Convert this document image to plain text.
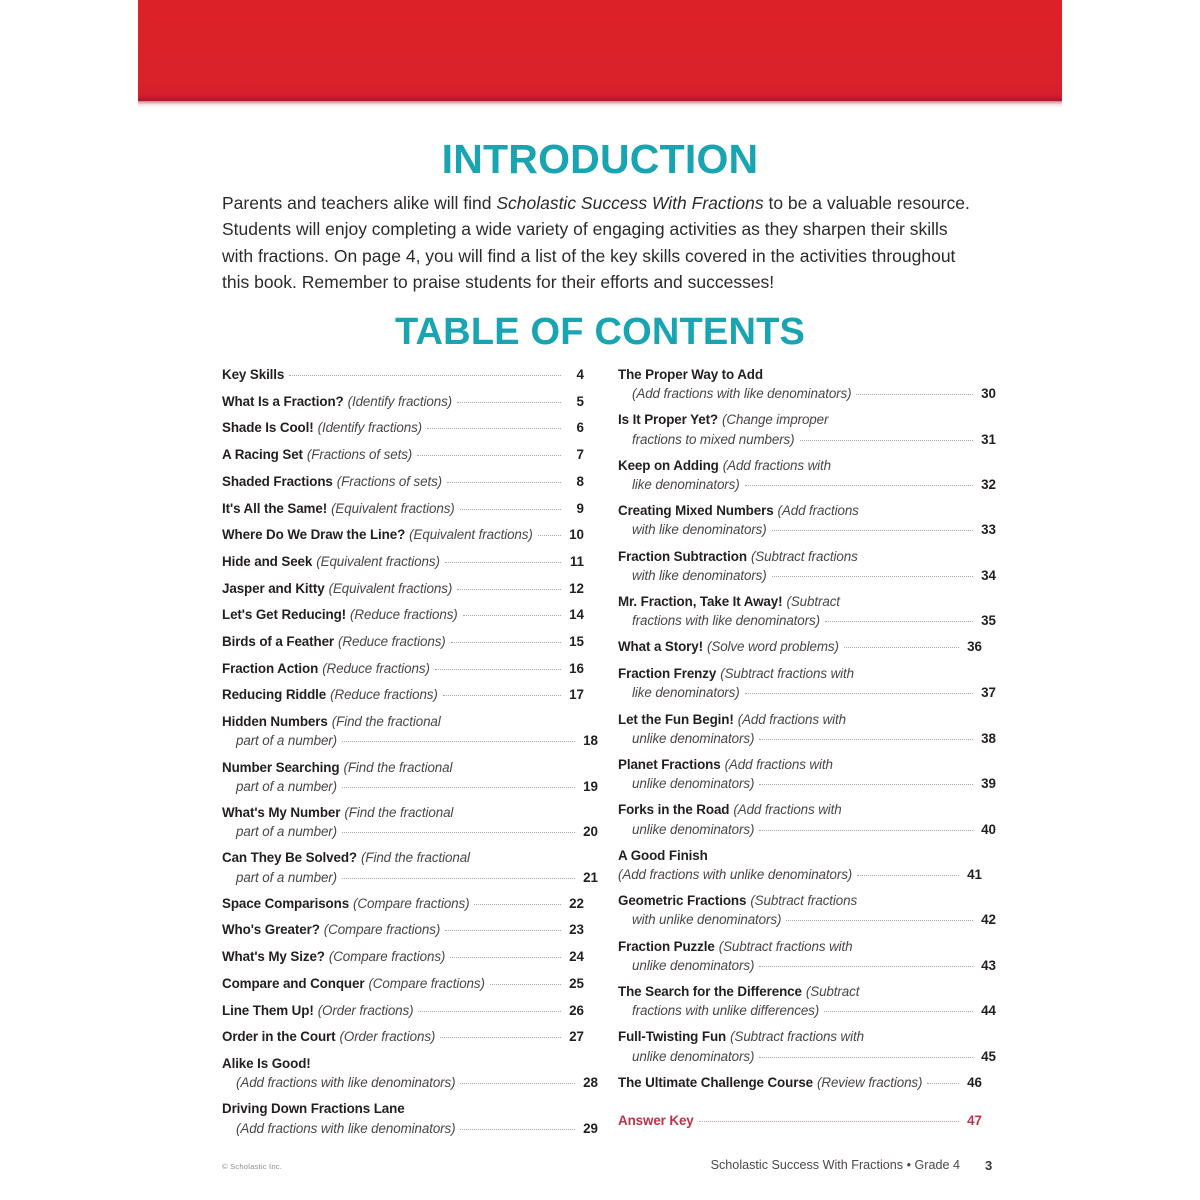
INTRODUCTION
Parents and teachers alike will find Scholastic Success With Fractions to be a valuable resource. Students will enjoy completing a wide variety of engaging activities as they sharpen their skills with fractions. On page 4, you will find a list of the key skills covered in the activities throughout this book. Remember to praise students for their efforts and successes!
TABLE OF CONTENTS
Key Skills	4
What Is a Fraction? (Identify fractions)	5
Shade Is Cool! (Identify fractions)	6
A Racing Set (Fractions of sets)	7
Shaded Fractions (Fractions of sets)	8
It's All the Same! (Equivalent fractions)	9
Where Do We Draw the Line? (Equivalent fractions)	10
Hide and Seek (Equivalent fractions)	11
Jasper and Kitty (Equivalent fractions)	12
Let's Get Reducing! (Reduce fractions)	14
Birds of a Feather (Reduce fractions)	15
Fraction Action (Reduce fractions)	16
Reducing Riddle (Reduce fractions)	17
Hidden Numbers (Find the fractional
part of a number)	18
Number Searching (Find the fractional
part of a number)	19
What's My Number (Find the fractional
part of a number)	20
Can They Be Solved? (Find the fractional
part of a number)	21
Space Comparisons (Compare fractions)	22
Who's Greater? (Compare fractions)	23
What's My Size? (Compare fractions)	24
Compare and Conquer (Compare fractions)	25
Line Them Up! (Order fractions)	26
Order in the Court (Order fractions)	27
Alike Is Good!
(Add fractions with like denominators)	28
Driving Down Fractions Lane
(Add fractions with like denominators)	29
The Proper Way to Add
(Add fractions with like denominators)	30
Is It Proper Yet? (Change improper
fractions to mixed numbers)	31
Keep on Adding (Add fractions with
like denominators)	32
Creating Mixed Numbers (Add fractions
with like denominators)	33
Fraction Subtraction (Subtract fractions
with like denominators)	34
Mr. Fraction, Take It Away! (Subtract
fractions with like denominators)	35
What a Story! (Solve word problems)	36
Fraction Frenzy (Subtract fractions with
like denominators)	37
Let the Fun Begin! (Add fractions with
unlike denominators)	38
Planet Fractions (Add fractions with
unlike denominators)	39
Forks in the Road (Add fractions with
unlike denominators)	40
A Good Finish
(Add fractions with unlike denominators)	41
Geometric Fractions (Subtract fractions
with unlike denominators)	42
Fraction Puzzle (Subtract fractions with
unlike denominators)	43
The Search for the Difference (Subtract
fractions with unlike differences)	44
Full-Twisting Fun (Subtract fractions with
unlike denominators)	45
The Ultimate Challenge Course (Review fractions)	46
Answer Key	47
© Scholastic Inc.	Scholastic Success With Fractions • Grade 4 3
